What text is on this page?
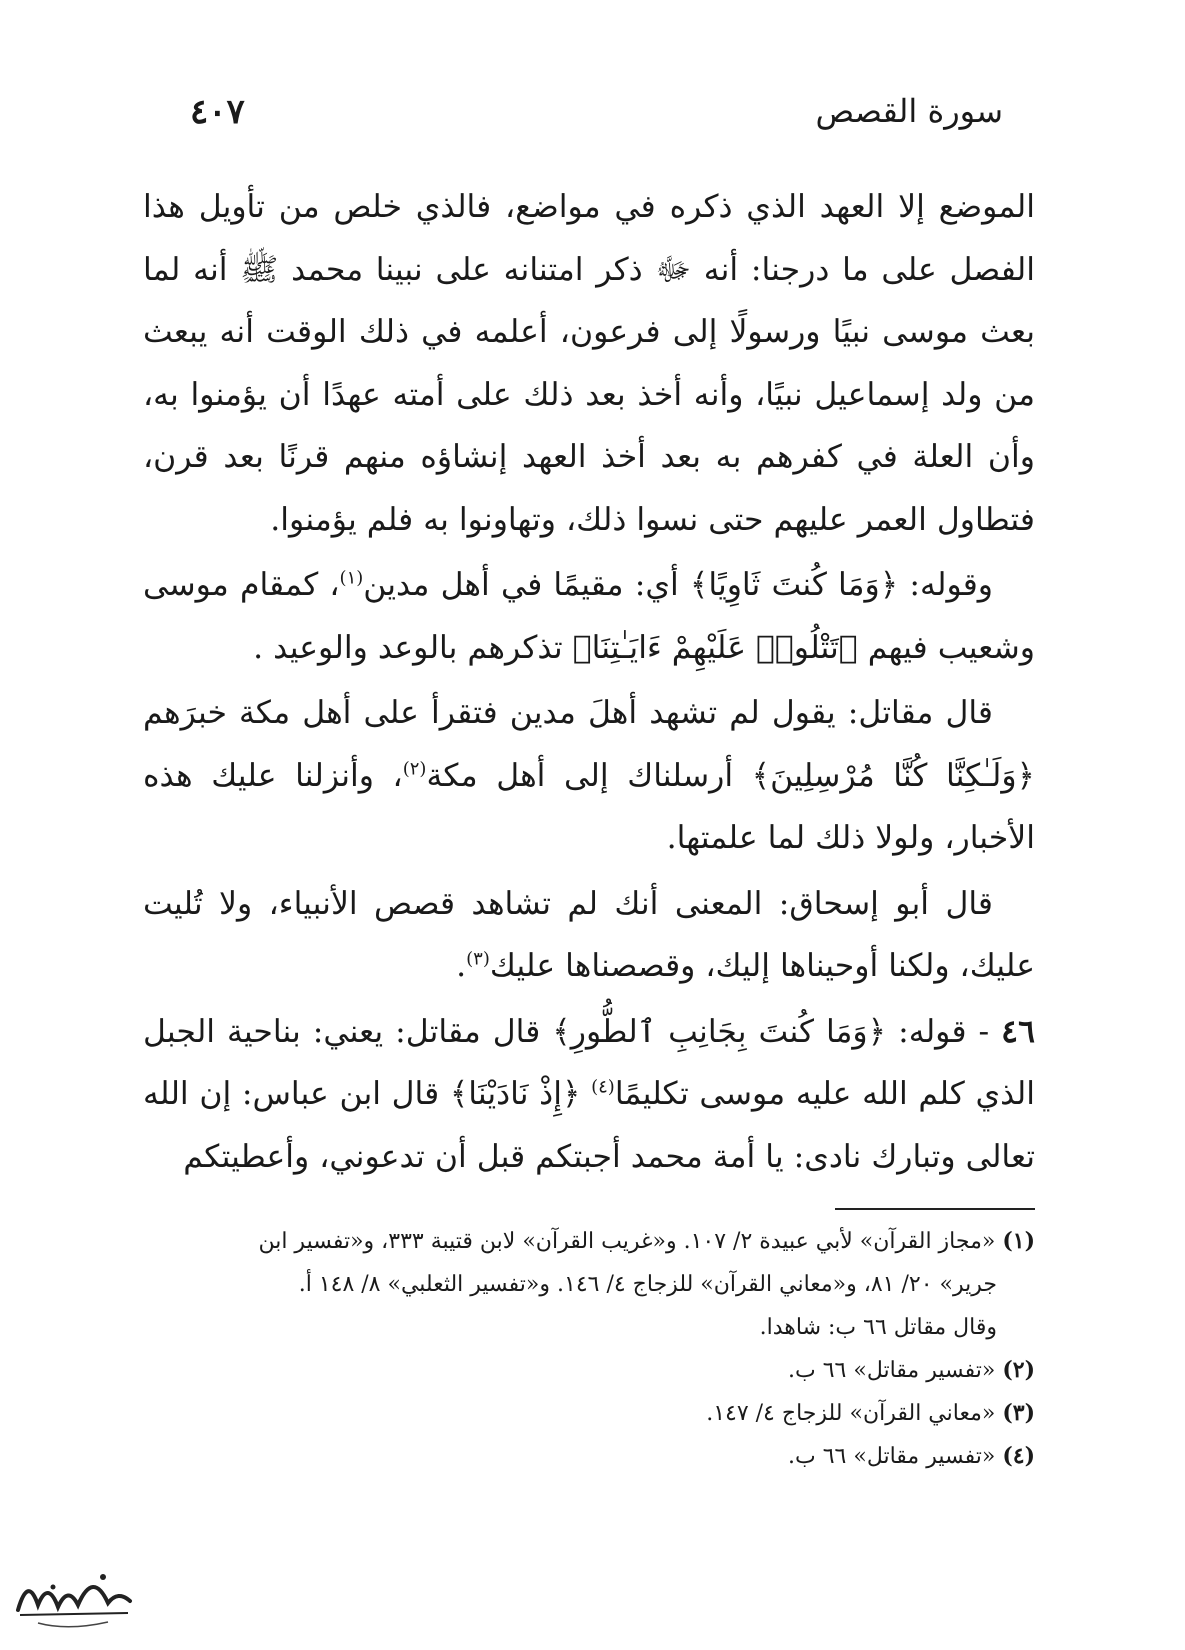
سورة القصص
٤٠٧

الموضع إلا العهد الذي ذكره في مواضع، فالذي خلص من تأويل هذا الفصل على ما درجنا: أنه ﷻ ذكر امتنانه على نبينا محمد ﷺ أنه لما بعث موسى نبيًا ورسولًا إلى فرعون، أعلمه في ذلك الوقت أنه يبعث من ولد إسماعيل نبيًا، وأنه أخذ بعد ذلك على أمته عهدًا أن يؤمنوا به، وأن العلة في كفرهم به بعد أخذ العهد إنشاؤه منهم قرنًا بعد قرن، فتطاول العمر عليهم حتى نسوا ذلك، وتهاونوا به فلم يؤمنوا.

وقوله: ﴿وَمَا كُنتَ ثَاوِيًا﴾ أي: مقيمًا في أهل مدين$^{(١)}$، كمقام موسى وشعيب فيهم ﴿تَتْلُوا۟ عَلَيْهِمْ ءَايَـٰتِنَا﴾ تذكرهم بالوعد والوعيد .

قال مقاتل: يقول لم تشهد أهلَ مدين فتقرأ على أهل مكة خبرَهم ﴿وَلَـٰكِنَّا كُنَّا مُرْسِلِينَ﴾ أرسلناك إلى أهل مكة$^{(٢)}$، وأنزلنا عليك هذه الأخبار، ولولا ذلك لما علمتها.

قال أبو إسحاق: المعنى أنك لم تشاهد قصص الأنبياء، ولا تُليت عليك، ولكنا أوحيناها إليك، وقصصناها عليك$^{(٣)}$.

٤٦ - قوله: ﴿وَمَا كُنتَ بِجَانِبِ ٱلطُّورِ﴾ قال مقاتل: يعني: بناحية الجبل الذي كلم الله عليه موسى تكليمًا$^{(٤)}$ ﴿إِذْ نَادَيْنَا﴾ قال ابن عباس: إن الله تعالى وتبارك نادى: يا أمة محمد أجبتكم قبل أن تدعوني، وأعطيتكم

(١) «مجاز القرآن» لأبي عبيدة ٢/ ١٠٧. و«غريب القرآن» لابن قتيبة ٣٣٣، و«تفسير ابن
جرير» ٢٠/ ٨١، و«معاني القرآن» للزجاج ٤/ ١٤٦. و«تفسير الثعلبي» ٨/ ١٤٨ أ.
وقال مقاتل ٦٦ ب: شاهدا.
(٢) «تفسير مقاتل» ٦٦ ب.
(٣) «معاني القرآن» للزجاج ٤/ ١٤٧.
(٤) «تفسير مقاتل» ٦٦ ب.
